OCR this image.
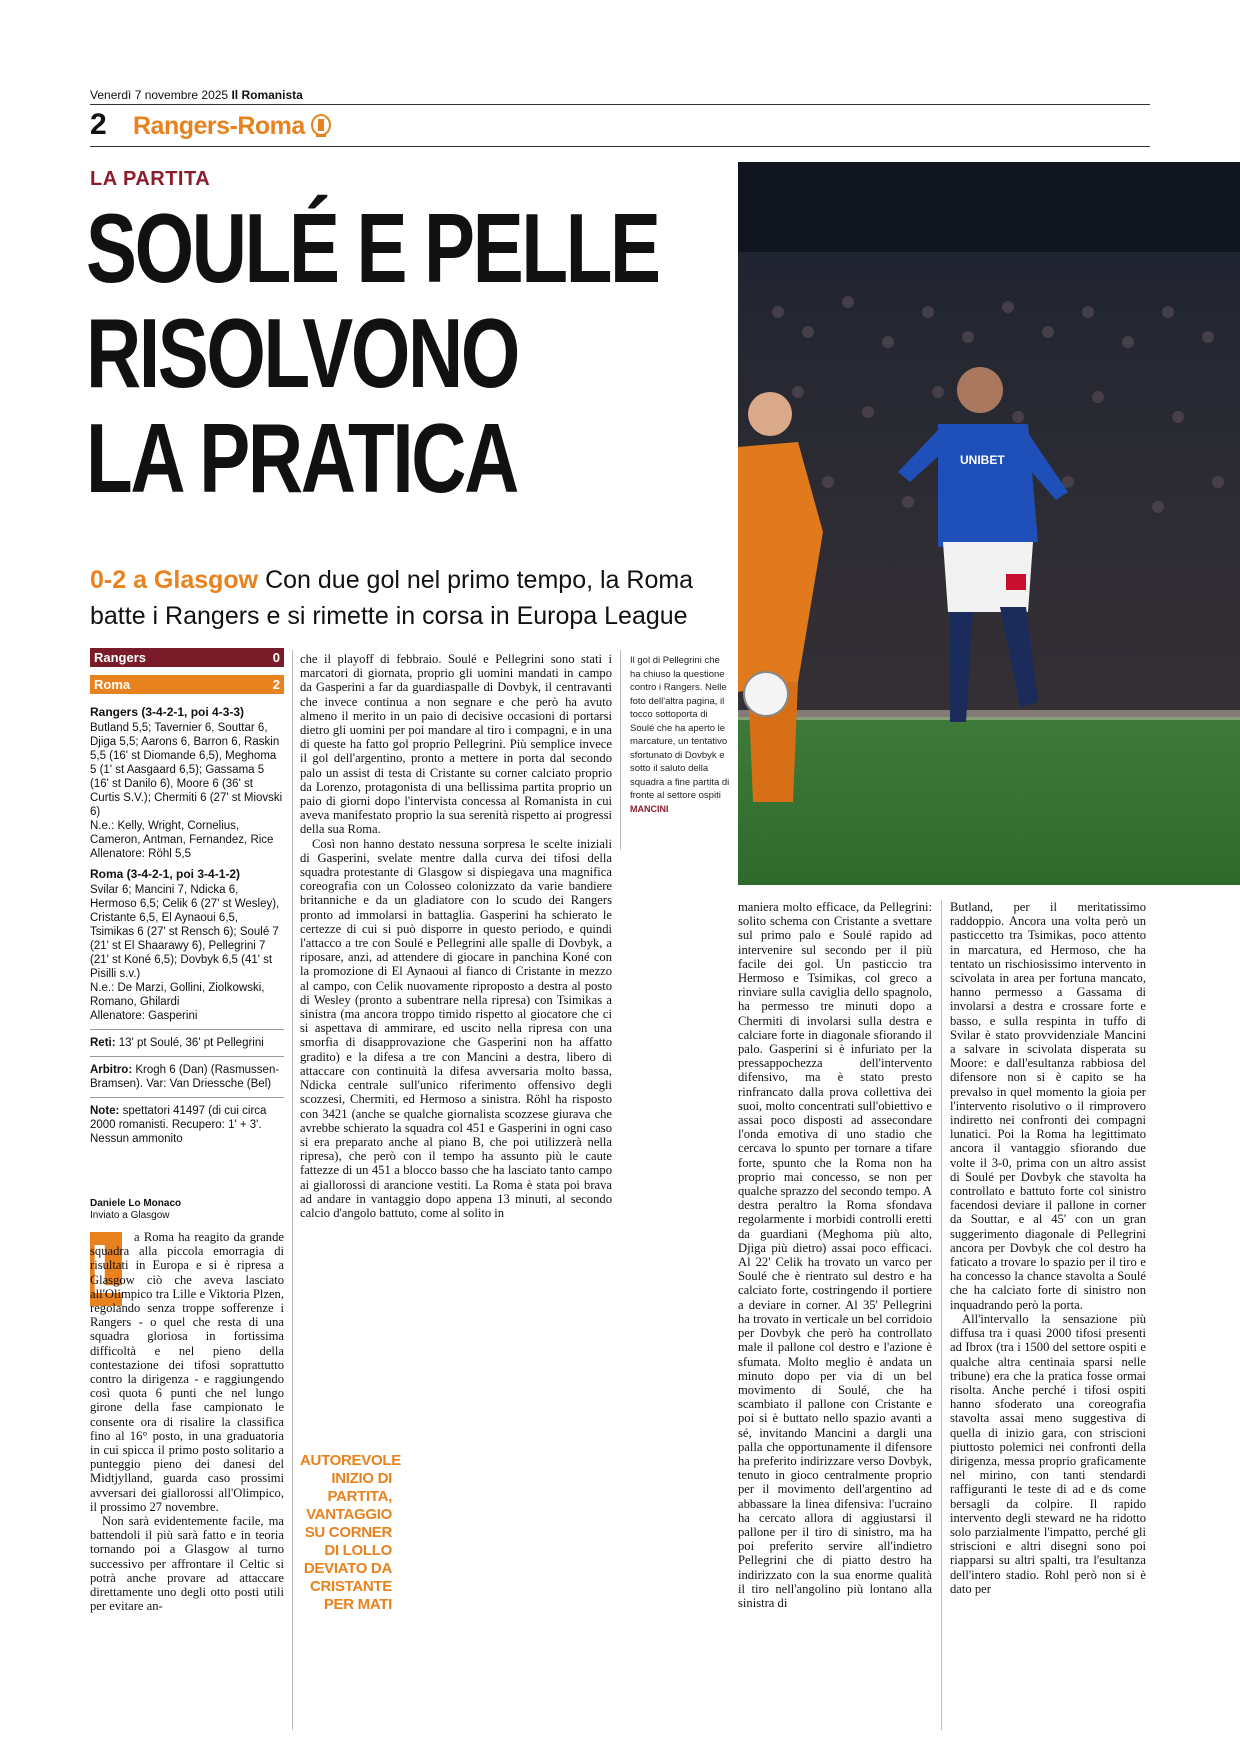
Venerdì 7 novembre 2025 Il Romanista
2 Rangers-Roma
LA PARTITA
SOULÉ E PELLE
RISOLVONO
LA PRATICA
0-2 a Glasgow Con due gol nel primo tempo, la Roma batte i Rangers e si rimette in corsa in Europa League
UNIBET
Il gol di Pellegrini che ha chiuso la questione contro i Rangers. Nelle foto dell'altra pagina, il tocco sottoporta di Soulé che ha aperto le marcature, un tentativo sfortunato di Dovbyk e sotto il saluto della squadra a fine partita di fronte al settore ospiti
MANCINI
Rangers	0
Roma	2

Rangers (3-4-2-1, poi 4-3-3)

Butland 5,5; Tavernier 6, Souttar 6, Djiga 5,5; Aarons 6, Barron 6, Raskin 5,5 (16' st Diomande 6,5), Meghoma 5 (1' st Aasgaard 6,5); Gassama 5 (16' st Danilo 6), Moore 6 (36' st Curtis S.V.); Chermiti 6 (27' st Miovski 6)

N.e.: Kelly, Wright, Cornelius, Cameron, Antman, Fernandez, Rice

Allenatore: Röhl 5,5

Roma (3-4-2-1, poi 3-4-1-2)

Svilar 6; Mancini 7, Ndicka 6, Hermoso 6,5; Celik 6 (27' st Wesley), Cristante 6,5, El Aynaoui 6,5, Tsimikas 6 (27' st Rensch 6); Soulé 7 (21' st El Shaarawy 6), Pellegrini 7 (21' st Koné 6,5); Dovbyk 6,5 (41' st Pisilli s.v.)

N.e.: De Marzi, Gollini, Ziolkowski, Romano, Ghilardi

Allenatore: Gasperini

Reti: 13' pt Soulé, 36' pt Pellegrini

Arbitro: Krogh 6 (Dan) (Rasmussen-Bramsen). Var: Van Driessche (Bel)

Note: spettatori 41497 (di cui circa 2000 romanisti. Recupero: 1' + 3'. Nessun ammonito

Daniele Lo Monaco
Inviato a Glasgow
L a Roma ha reagito da grande squadra alla piccola emorragia di risultati in Europa e si è ripresa a Glasgow ciò che aveva lasciato all'Olimpico tra Lille e Viktoria Plzen, regolando senza troppe sofferenze i Rangers - o quel che resta di una squadra gloriosa in fortissima difficoltà e nel pieno della contestazione dei tifosi soprattutto contro la dirigenza - e raggiungendo così quota 6 punti che nel lungo girone della fase campionato le consente ora di risalire la classifica fino al 16° posto, in una graduatoria in cui spicca il primo posto solitario a punteggio pieno dei danesi del Midtjylland, guarda caso prossimi avversari dei giallorossi all'Olimpico, il prossimo 27 novembre.

Non sarà evidentemente facile, ma battendoli il più sarà fatto e in teoria tornando poi a Glasgow al turno successivo per affrontare il Celtic si potrà anche provare ad attaccare direttamente uno degli otto posti utili per evitare an-

che il playoff di febbraio. Soulé e Pellegrini sono stati i marcatori di giornata, proprio gli uomini mandati in campo da Gasperini a far da guardiaspalle di Dovbyk, il centravanti che invece continua a non segnare e che però ha avuto almeno il merito in un paio di decisive occasioni di portarsi dietro gli uomini per poi mandare al tiro i compagni, e in una di queste ha fatto gol proprio Pellegrini. Più semplice invece il gol dell'argentino, pronto a mettere in porta dal secondo palo un assist di testa di Cristante su corner calciato proprio da Lorenzo, protagonista di una bellissima partita proprio un paio di giorni dopo l'intervista concessa al Romanista in cui aveva manifestato proprio la sua serenità rispetto ai progressi della sua Roma.

Così non hanno destato nessuna sorpresa le scelte iniziali di Gasperini, svelate mentre dalla curva dei tifosi della squadra protestante di Glasgow si dispiegava una magnifica coreografia con un Colosseo colonizzato da varie bandiere britanniche e da un gladiatore con lo scudo dei Rangers pronto ad immolarsi in battaglia. Gasperini ha schierato le certezze di cui si può disporre in questo periodo, e quindi l'attacco a tre con Soulé e Pellegrini alle spalle di Dovbyk, a riposare, anzi, ad attendere di giocare in panchina Koné con la promozione di El Aynaoui al fianco di Cristante in mezzo al campo, con Celik nuovamente riproposto a destra al posto di Wesley (pronto a subentrare nella ripresa) con Tsimikas a sinistra (ma ancora troppo timido rispetto al giocatore che ci si aspettava di ammirare, ed uscito nella ripresa con una smorfia di disapprovazione che Gasperini non ha affatto gradito) e la difesa a tre con Mancini a destra, libero di attaccare con continuità la difesa avversaria molto bassa, Ndicka centrale sull'unico riferimento offensivo degli scozzesi, Chermiti, ed Hermoso a sinistra. Röhl ha risposto con 3421 (anche se qualche giornalista scozzese giurava che avrebbe schierato la squadra col 451 e Gasperini in ogni caso si era preparato anche al piano B, che poi utilizzerà nella ripresa), che però con il tempo ha assunto più le caute fattezze di un 451 a blocco basso che ha lasciato tanto campo ai giallorossi di arancione vestiti. La Roma è stata poi brava ad andare in vantaggio dopo appena 13 minuti, al secondo calcio d'angolo battuto, come al solito in

AUTOREVOLE INIZIO DI PARTITA, VANTAGGIO SU CORNER DI LOLLO DEVIATO DA CRISTANTE PER MATI

maniera molto efficace, da Pellegrini: solito schema con Cristante a svettare sul primo palo e Soulé rapido ad intervenire sul secondo per il più facile dei gol. Un pasticcio tra Hermoso e Tsimikas, col greco a rinviare sulla caviglia dello spagnolo, ha permesso tre minuti dopo a Chermiti di involarsi sulla destra e calciare forte in diagonale sfiorando il palo. Gasperini si è infuriato per la pressappochezza dell'intervento difensivo, ma è stato presto rinfrancato dalla prova collettiva dei suoi, molto concentrati sull'obiettivo e assai poco disposti ad assecondare l'onda emotiva di uno stadio che cercava lo spunto per tornare a tifare forte, spunto che la Roma non ha proprio mai concesso, se non per qualche sprazzo del secondo tempo. A destra peraltro la Roma sfondava regolarmente i morbidi controlli eretti da guardiani (Meghoma più alto, Djiga più dietro) assai poco efficaci. Al 22' Celik ha trovato un varco per Soulé che è rientrato sul destro e ha calciato forte, costringendo il portiere a deviare in corner. Al 35' Pellegrini ha trovato in verticale un bel corridoio per Dovbyk che però ha controllato male il pallone col destro e l'azione è sfumata. Molto meglio è andata un minuto dopo per via di un bel movimento di Soulé, che ha scambiato il pallone con Cristante e poi si è buttato nello spazio avanti a sé, invitando Mancini a dargli una palla che opportunamente il difensore ha preferito indirizzare verso Dovbyk, tenuto in gioco centralmente proprio per il movimento dell'argentino ad abbassare la linea difensiva: l'ucraino ha cercato allora di aggiustarsi il pallone per il tiro di sinistro, ma ha poi preferito servire all'indietro Pellegrini che di piatto destro ha indirizzato con la sua enorme qualità il tiro nell'angolino più lontano alla sinistra di

Butland, per il meritatissimo raddoppio. Ancora una volta però un pasticcetto tra Tsimikas, poco attento in marcatura, ed Hermoso, che ha tentato un rischiosissimo intervento in scivolata in area per fortuna mancato, hanno permesso a Gassama di involarsi a destra e crossare forte e basso, e sulla respinta in tuffo di Svilar è stato provvidenziale Mancini a salvare in scivolata disperata su Moore: e dall'esultanza rabbiosa del difensore non si è capito se ha prevalso in quel momento la gioia per l'intervento risolutivo o il rimprovero indiretto nei confronti dei compagni lunatici. Poi la Roma ha legittimato ancora il vantaggio sfiorando due volte il 3-0, prima con un altro assist di Soulé per Dovbyk che stavolta ha controllato e battuto forte col sinistro facendosi deviare il pallone in corner da Souttar, e al 45' con un gran suggerimento diagonale di Pellegrini ancora per Dovbyk che col destro ha faticato a trovare lo spazio per il tiro e ha concesso la chance stavolta a Soulé che ha calciato forte di sinistro non inquadrando però la porta.

All'intervallo la sensazione più diffusa tra i quasi 2000 tifosi presenti ad Ibrox (tra i 1500 del settore ospiti e qualche altra centinaia sparsi nelle tribune) era che la pratica fosse ormai risolta. Anche perché i tifosi ospiti hanno sfoderato una coreografia stavolta assai meno suggestiva di quella di inizio gara, con striscioni piuttosto polemici nei confronti della dirigenza, messa proprio graficamente nel mirino, con tanti stendardi raffiguranti le teste di ad e ds come bersagli da colpire. Il rapido intervento degli steward ne ha ridotto solo parzialmente l'impatto, perché gli striscioni e altri disegni sono poi riapparsi su altri spalti, tra l'esultanza dell'intero stadio. Rohl però non si è dato per
